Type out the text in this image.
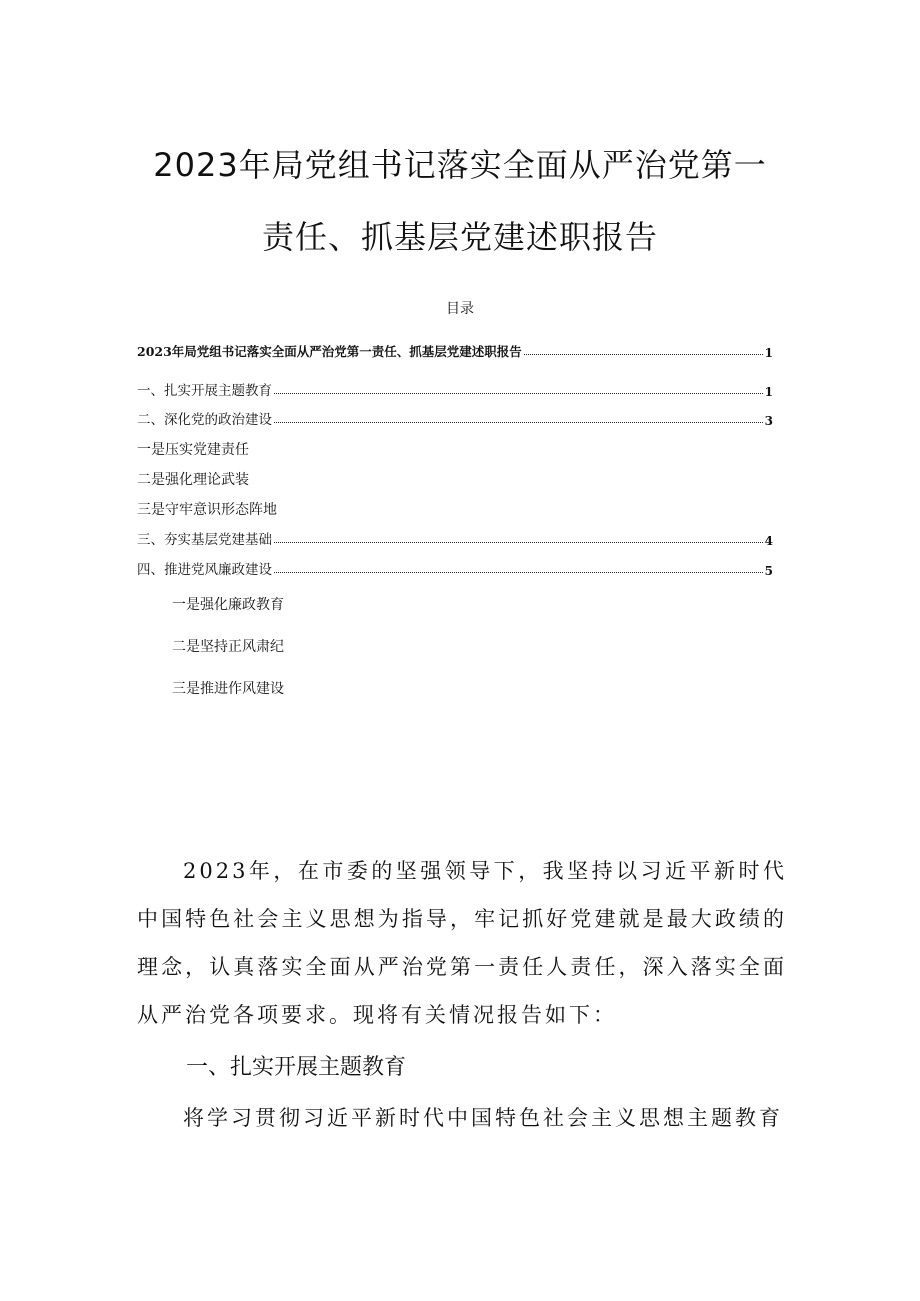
2023年局党组书记落实全面从严治党第一
责任、抓基层党建述职报告
目录
2023年局党组书记落实全面从严治党第一责任、抓基层党建述职报告	1
一、扎实开展主题教育	1
二、深化党的政治建设	3
一是压实党建责任
二是强化理论武装
三是守牢意识形态阵地
三、夯实基层党建基础	4
四、推进党风廉政建设	5
一是强化廉政教育
二是坚持正风肃纪
三是推进作风建设
2023年，在市委的坚强领导下，我坚持以习近平新时代中国特色社会主义思想为指导，牢记抓好党建就是最大政绩的理念，认真落实全面从严治党第一责任人责任，深入落实全面从严治党各项要求。现将有关情况报告如下：
一、扎实开展主题教育
将学习贯彻习近平新时代中国特色社会主义思想主题教育
